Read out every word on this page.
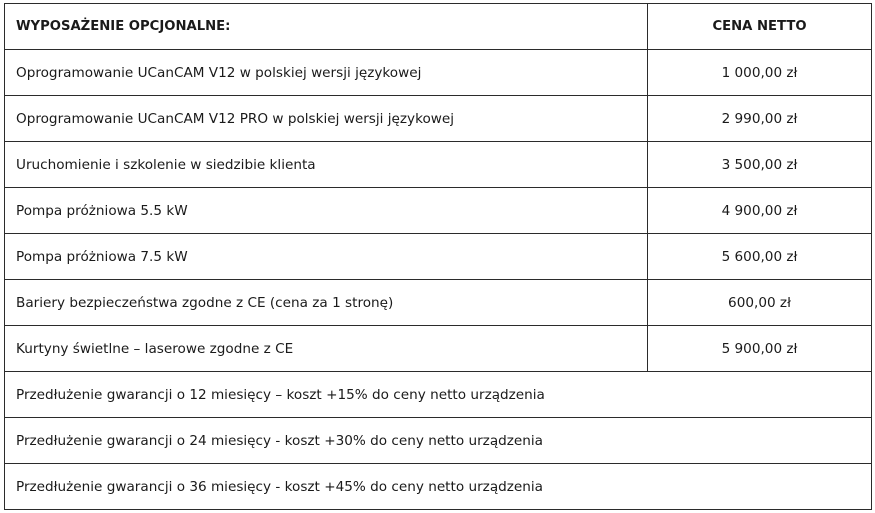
WYPOSAŻENIE OPCJONALNE:	CENA NETTO
Oprogramowanie UCanCAM V12 w polskiej wersji językowej	1 000,00 zł
Oprogramowanie UCanCAM V12 PRO w polskiej wersji językowej	2 990,00 zł
Uruchomienie i szkolenie w siedzibie klienta	3 500,00 zł
Pompa próżniowa 5.5 kW	4 900,00 zł
Pompa próżniowa 7.5 kW	5 600,00 zł
Bariery bezpieczeństwa zgodne z CE (cena za 1 stronę)	600,00 zł
Kurtyny świetlne – laserowe zgodne z CE	5 900,00 zł
Przedłużenie gwarancji o 12 miesięcy – koszt +15% do ceny netto urządzenia	
Przedłużenie gwarancji o 24 miesięcy - koszt +30% do ceny netto urządzenia	
Przedłużenie gwarancji o 36 miesięcy - koszt +45% do ceny netto urządzenia	
